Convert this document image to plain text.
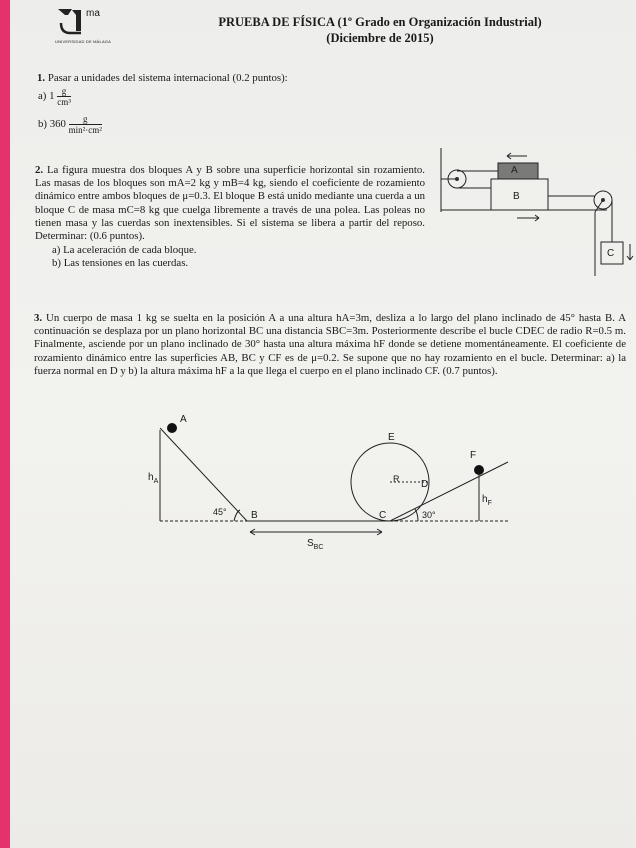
ma
UNIVERSIDAD DE MÁLAGA
PRUEBA DE FÍSICA (1º Grado en Organización Industrial)
(Diciembre de 2015)
1. Pasar a unidades del sistema internacional (0.2 puntos):
a) $1 \frac{g}{\text{cm³}}$
b) $360 \frac{g}{\text{min²·cm²}}$
2. La figura muestra dos bloques A y B sobre una superficie horizontal sin rozamiento. Las masas de los bloques son mA=2 kg y mB=4 kg, siendo el coeficiente de rozamiento dinámico entre ambos bloques de μ=0.3. El bloque B está unido mediante una cuerda a un bloque C de masa mC=8 kg que cuelga libremente a través de una polea. Las poleas no tienen masa y las cuerdas son inextensibles. Si el sistema se libera a partir del reposo. Determinar: (0.6 puntos).
a) La aceleración de cada bloque.
b) Las tensiones en las cuerdas.
A
B
C
3. Un cuerpo de masa 1 kg se suelta en la posición A a una altura hA=3m, desliza a lo largo del plano inclinado de 45° hasta B. A continuación se desplaza por un plano horizontal BC una distancia SBC=3m. Posteriormente describe el bucle CDEC de radio R=0.5 m. Finalmente, asciende por un plano inclinado de 30° hasta una altura máxima hF donde se detiene momentáneamente. El coeficiente de rozamiento dinámico entre las superficies AB, BC y CF es de μ=0.2. Se supone que no hay rozamiento en el bucle. Determinar: a) la fuerza normal en D y b) la altura máxima hF a la que llega el cuerpo en el plano inclinado CF. (0.7 puntos).
A
$h_A$
45° B
E
R D
C	30°
F
$h_F$
$S_{BC}$
